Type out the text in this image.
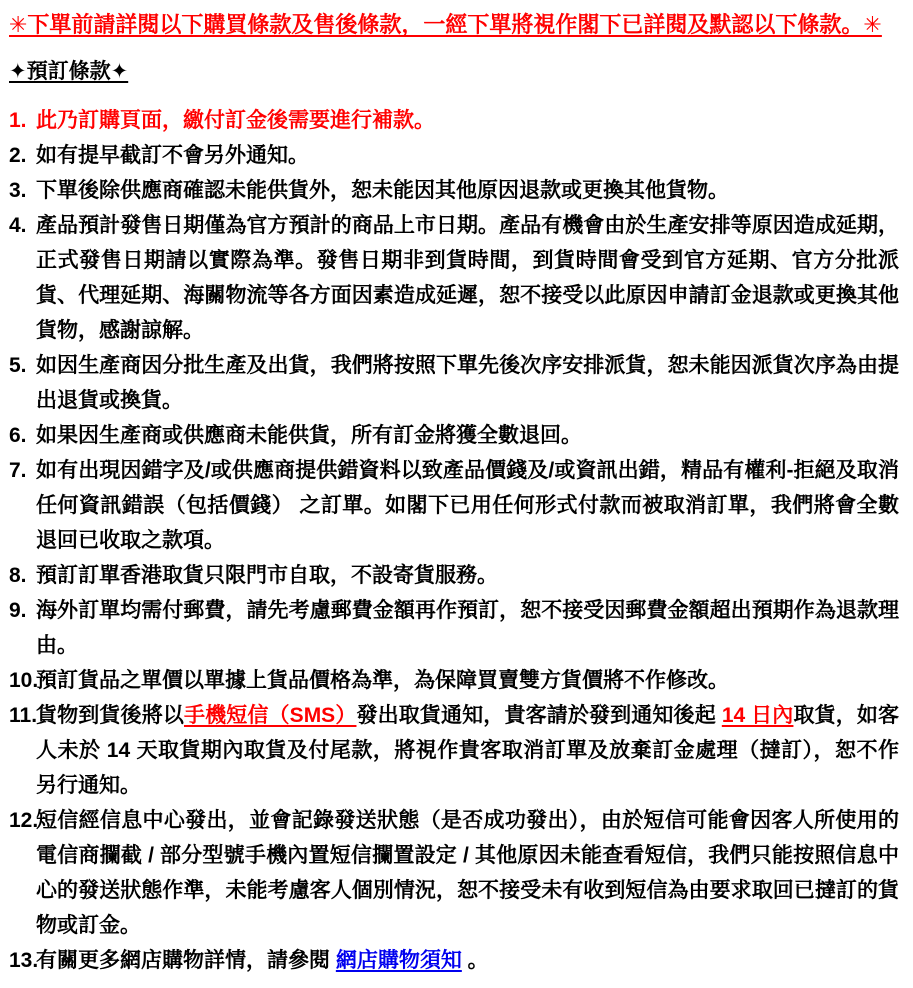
✳下單前請詳閱以下購買條款及售後條款，一經下單將視作閣下已詳閱及默認以下條款。✳
✦預訂條款✦
1. 此乃訂購頁面，繳付訂金後需要進行補款。
2. 如有提早截訂不會另外通知。
3. 下單後除供應商確認未能供貨外，恕未能因其他原因退款或更換其他貨物。
4. 產品預計發售日期僅為官方預計的商品上市日期。產品有機會由於生產安排等原因造成延期，正式發售日期請以實際為準。發售日期非到貨時間，到貨時間會受到官方延期、官方分批派貨、代理延期、海關物流等各方面因素造成延遲，恕不接受以此原因申請訂金退款或更換其他貨物，感謝諒解。
5. 如因生產商因分批生產及出貨，我們將按照下單先後次序安排派貨，恕未能因派貨次序為由提出退貨或換貨。
6. 如果因生產商或供應商未能供貨，所有訂金將獲全數退回。
7. 如有出現因錯字及/或供應商提供錯資料以致產品價錢及/或資訊出錯，精品有權利-拒絕及取消任何資訊錯誤（包括價錢） 之訂單。如閣下已用任何形式付款而被取消訂單，我們將會全數退回已收取之款項。
8. 預訂訂單香港取貨只限門市自取，不設寄貨服務。
9. 海外訂單均需付郵費，請先考慮郵費金額再作預訂，恕不接受因郵費金額超出預期作為退款理由。
10.
預訂貨品之單價以單據上貨品價格為準，為保障買賣雙方貨價將不作修改。
11.
貨物到貨後將以手機短信（SMS）發出取貨通知，貴客請於發到通知後起 14 日內取貨，如客人未於 14 天取貨期內取貨及付尾款，將視作貴客取消訂單及放棄訂金處理（撻訂），恕不作另行通知。
12.
短信經信息中心發出，並會記錄發送狀態（是否成功發出），由於短信可能會因客人所使用的電信商攔截 / 部分型號手機內置短信攔置設定 / 其他原因未能查看短信，我們只能按照信息中心的發送狀態作準，未能考慮客人個別情況，恕不接受未有收到短信為由要求取回已撻訂的貨物或訂金。
13.
有關更多網店購物詳情，請參閱 網店購物須知 。
